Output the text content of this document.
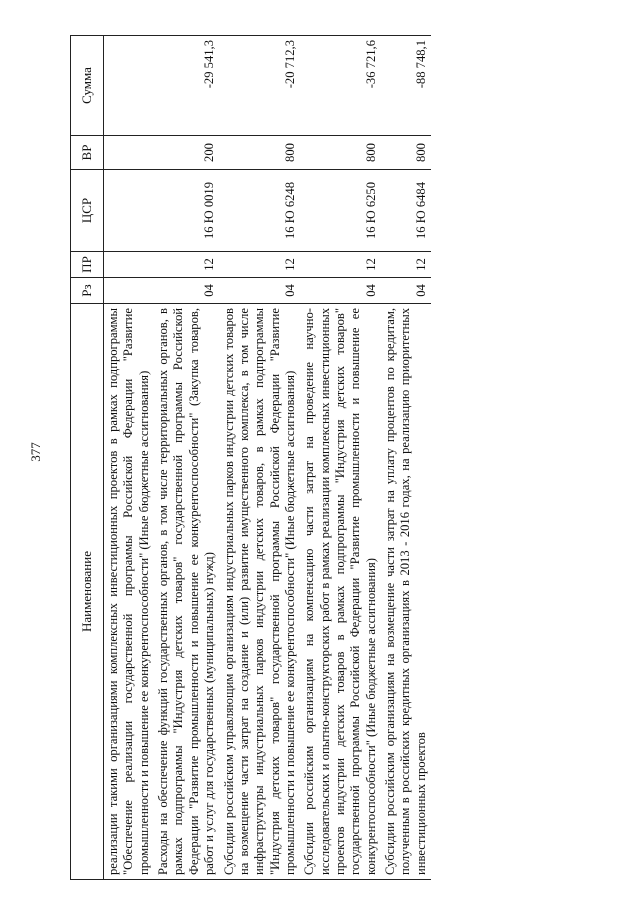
377
Наименование	Рз	ПР	ЦСР	ВР	Сумма
реализации такими организациями комплексных инвестиционных проектов в рамках подпрограммы "Обеспечение реализации государственной программы Российской Федерации "Развитие промышленности и повышение ее конкурентоспособности" (Иные бюджетные ассигнования)					
Расходы на обеспечение функций государственных органов, в том числе территориальных органов, в рамках подпрограммы "Индустрия детских товаров" государственной программы Российской Федерации "Развитие промышленности и повышение ее конкурентоспособности" (Закупка товаров, работ и услуг для государственных (муниципальных) нужд)	04	12	16 Ю 0019	200	-29 541,3
Субсидии российским управляющим организациям индустриальных парков индустрии детских товаров на возмещение части затрат на создание и (или) развитие имущественного комплекса, в том числе инфраструктуры индустриальных парков индустрии детских товаров, в рамках подпрограммы "Индустрия детских товаров" государственной программы Российской Федерации "Развитие промышленности и повышение ее конкурентоспособности" (Иные бюджетные ассигнования)	04	12	16 Ю 6248	800	-20 712,3
Субсидии российским организациям на компенсацию части затрат на проведение научно-исследовательских и опытно-конструкторских работ в рамках реализации комплексных инвестиционных проектов индустрии детских товаров в рамках подпрограммы "Индустрия детских товаров" государственной программы Российской Федерации "Развитие промышленности и повышение ее конкурентоспособности" (Иные бюджетные ассигнования)	04	12	16 Ю 6250	800	-36 721,6
Субсидии российским организациям на возмещение части затрат на уплату процентов по кредитам, полученным в российских кредитных организациях в 2013 - 2016 годах, на реализацию приоритетных инвестиционных проектов	04	12	16 Ю 6484	800	-88 748,1
